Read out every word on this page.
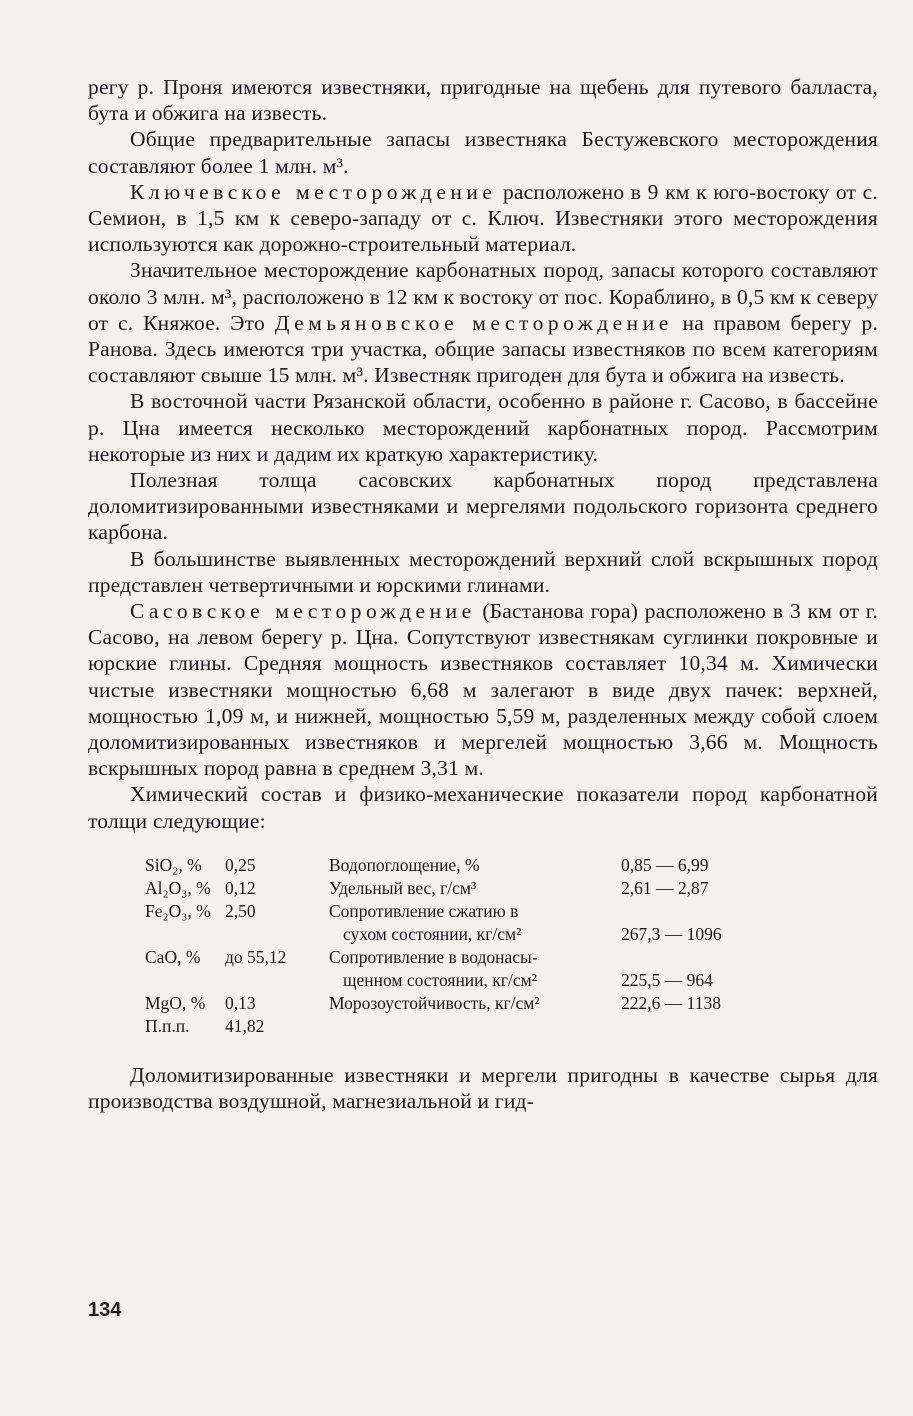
регу р. Проня имеются известняки, пригодные на щебень для путевого балласта, бута и обжига на известь.

Общие предварительные запасы известняка Бестужевского месторождения составляют более 1 млн. м³.

Ключевское месторождение расположено в 9 км к юго-востоку от с. Семион, в 1,5 км к северо-западу от с. Ключ. Известняки этого месторождения используются как дорожно-строительный материал.

Значительное месторождение карбонатных пород, запасы которого составляют около 3 млн. м³, расположено в 12 км к востоку от пос. Кораблино, в 0,5 км к северу от с. Княжое. Это Демьяновское месторождение на правом берегу р. Ранова. Здесь имеются три участка, общие запасы известняков по всем категориям составляют свыше 15 млн. м³. Известняк пригоден для бута и обжига на известь.

В восточной части Рязанской области, особенно в районе г. Сасово, в бассейне р. Цна имеется несколько месторождений карбонатных пород. Рассмотрим некоторые из них и дадим их краткую характеристику.

Полезная толща сасовских карбонатных пород представлена доломитизированными известняками и мергелями подольского горизонта среднего карбона.

В большинстве выявленных месторождений верхний слой вскрышных пород представлен четвертичными и юрскими глинами.

Сасовское месторождение (Бастанова гора) расположено в 3 км от г. Сасово, на левом берегу р. Цна. Сопутствуют известнякам суглинки покровные и юрские глины. Средняя мощность известняков составляет 10,34 м. Химически чистые известняки мощностью 6,68 м залегают в виде двух пачек: верхней, мощностью 1,09 м, и нижней, мощностью 5,59 м, разделенных между собой слоем доломитизированных известняков и мергелей мощностью 3,66 м. Мощность вскрышных пород равна в среднем 3,31 м.

Химический состав и физико-механические показатели пород карбонатной толщи следующие:

SiO₂, %	0,25	Водопоглощение, %	0,85 — 6,99
Al₂O₃, %	0,12	Удельный вес, г/см³	2,61 — 2,87
Fe₂O₃, %	2,50	Сопротивление сжатию в
сухом состоянии, кг/см²	267,3 — 1096
CaO, %	до 55,12	Сопротивление в водонасы-
щенном состоянии, кг/см²	225,5 — 964
MgO, %	0,13	Морозоустойчивость, кг/см²	222,6 — 1138
П.п.п.	41,82		

Доломитизированные известняки и мергели пригодны в качестве сырья для производства воздушной, магнезиальной и гид-

134
